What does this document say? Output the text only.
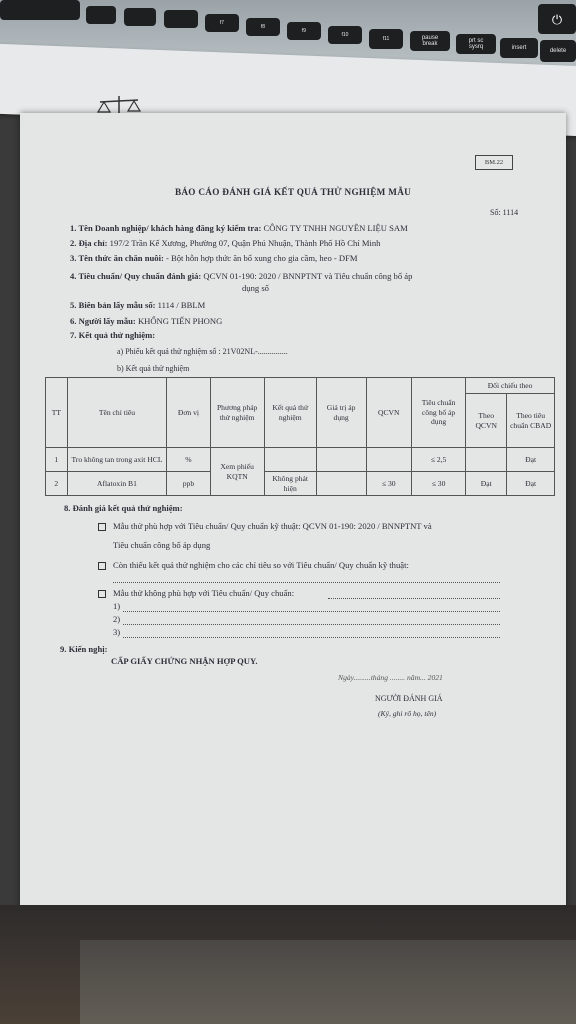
f7
f8
f9
f10
f11	pause break	prt sc sysrq	insert	delete
⏻
BM.22
BÁO CÁO ĐÁNH GIÁ KẾT QUẢ THỬ NGHIỆM MẪU
Số: 1114
1. Tên Doanh nghiệp/ khách hàng đăng ký kiểm tra: CÔNG TY TNHH NGUYÊN LIỆU SAM
2. Địa chỉ: 197/2 Trần Kế Xương, Phường 07, Quận Phú Nhuận, Thành Phố Hồ Chí Minh
3. Tên thức ăn chăn nuôi: - Bột hỗn hợp thức ăn bổ xung cho gia cầm, heo - DFM
4. Tiêu chuẩn/ Quy chuẩn đánh giá: QCVN 01-190: 2020 / BNNPTNT và Tiêu chuẩn công bố áp
dụng số
5. Biên bản lấy mẫu số: 1114 / BBLM
6. Người lấy mẫu: KHỔNG TIẾN PHONG
7. Kết quả thử nghiệm:
a) Phiếu kết quả thử nghiệm số : 21V02NL-...............
b) Kết quả thử nghiệm
TT	Tên chỉ tiêu	Đơn vị	Phương pháp thử nghiệm	Kết quả thử nghiệm	Giá trị áp dụng	QCVN	Tiêu chuẩn công bố áp dụng	Đối chiếu theo	
								Theo QCVN	Theo tiêu chuẩn CBAD
1	Tro không tan trong axit HCL	%	Xem phiếu KQTN				≤ 2,5		Đạt
2	Aflatoxin B1	ppb		Không phát hiện		≤ 30	≤ 30	Đạt	Đạt
8. Đánh giá kết quả thử nghiệm:
Mẫu thử phù hợp với Tiêu chuẩn/ Quy chuẩn kỹ thuật: QCVN 01-190: 2020 / BNNPTNT và
Tiêu chuẩn công bố áp dụng
Còn thiếu kết quả thử nghiệm cho các chỉ tiêu so với Tiêu chuẩn/ Quy chuẩn kỹ thuật:
Mẫu thử không phù hợp với Tiêu chuẩn/ Quy chuẩn:
1)
2)
3)
9. Kiến nghị:
CẤP GIẤY CHỨNG NHẬN HỢP QUY.
Ngày.........tháng ........ năm... 2021
NGƯỜI ĐÁNH GIÁ
(Ký, ghi rõ họ, tên)
